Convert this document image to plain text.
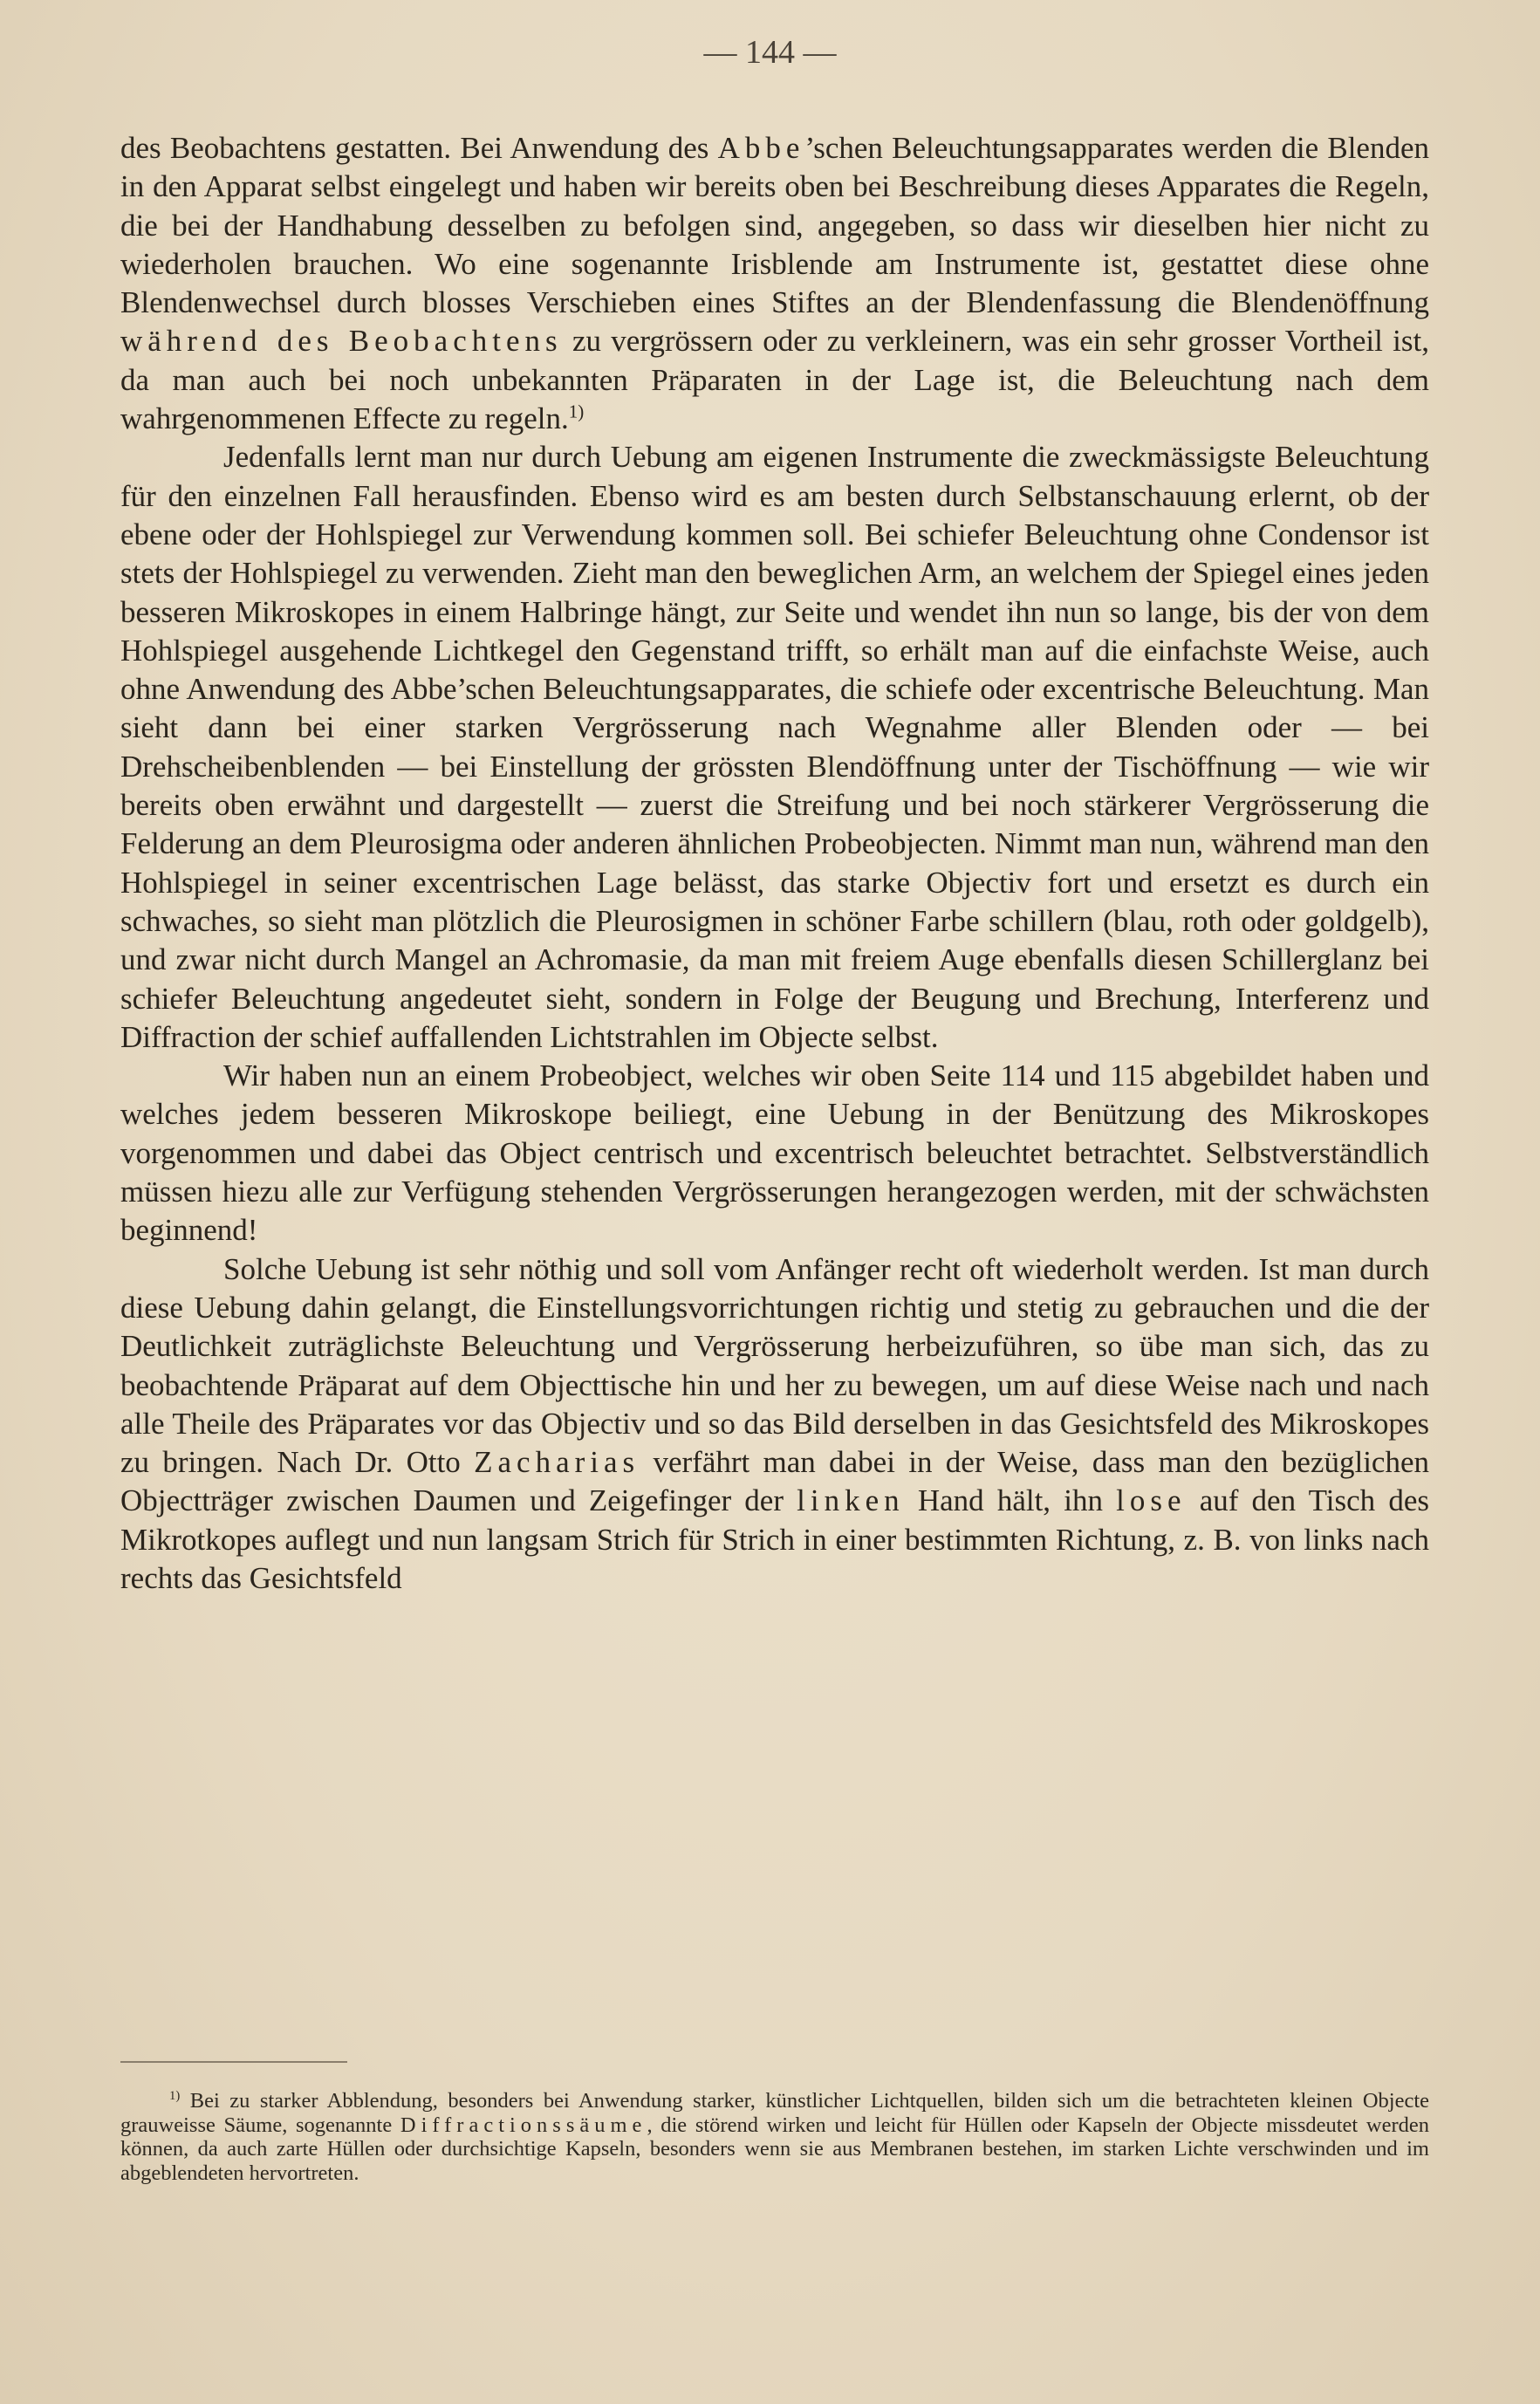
— 144 —

des Beobachtens gestatten. Bei Anwendung des Abbe’schen Beleuchtungsapparates werden die Blenden in den Apparat selbst eingelegt und haben wir bereits oben bei Beschreibung dieses Apparates die Regeln, die bei der Handhabung desselben zu befolgen sind, angegeben, so dass wir dieselben hier nicht zu wiederholen brauchen. Wo eine sogenannte Irisblende am Instrumente ist, gestattet diese ohne Blendenwechsel durch blosses Verschieben eines Stiftes an der Blendenfassung die Blendenöffnung während des Beobachtens zu vergrössern oder zu verkleinern, was ein sehr grosser Vortheil ist, da man auch bei noch unbekannten Präparaten in der Lage ist, die Beleuchtung nach dem wahrgenommenen Effecte zu regeln.$^{1)}$

Jedenfalls lernt man nur durch Uebung am eigenen Instrumente die zweckmässigste Beleuchtung für den einzelnen Fall herausfinden. Ebenso wird es am besten durch Selbstanschauung erlernt, ob der ebene oder der Hohlspiegel zur Verwendung kommen soll. Bei schiefer Beleuchtung ohne Condensor ist stets der Hohlspiegel zu verwenden. Zieht man den beweglichen Arm, an welchem der Spiegel eines jeden besseren Mikroskopes in einem Halbringe hängt, zur Seite und wendet ihn nun so lange, bis der von dem Hohlspiegel ausgehende Lichtkegel den Gegenstand trifft, so erhält man auf die einfachste Weise, auch ohne Anwendung des Abbe’schen Beleuchtungsapparates, die schiefe oder excentrische Beleuchtung. Man sieht dann bei einer starken Vergrösserung nach Wegnahme aller Blenden oder — bei Drehscheibenblenden — bei Einstellung der grössten Blendöffnung unter der Tischöffnung — wie wir bereits oben erwähnt und dargestellt — zuerst die Streifung und bei noch stärkerer Vergrösserung die Felderung an dem Pleurosigma oder anderen ähnlichen Probeobjecten. Nimmt man nun, während man den Hohlspiegel in seiner excentrischen Lage belässt, das starke Objectiv fort und ersetzt es durch ein schwaches, so sieht man plötzlich die Pleurosigmen in schöner Farbe schillern (blau, roth oder goldgelb), und zwar nicht durch Mangel an Achromasie, da man mit freiem Auge ebenfalls diesen Schillerglanz bei schiefer Beleuchtung angedeutet sieht, sondern in Folge der Beugung und Brechung, Interferenz und Diffraction der schief auffallenden Lichtstrahlen im Objecte selbst.

Wir haben nun an einem Probeobject, welches wir oben Seite 114 und 115 abgebildet haben und welches jedem besseren Mikroskope beiliegt, eine Uebung in der Benützung des Mikroskopes vorgenommen und dabei das Object centrisch und excentrisch beleuchtet betrachtet. Selbstverständlich müssen hiezu alle zur Verfügung stehenden Vergrösserungen herangezogen werden, mit der schwächsten beginnend!

Solche Uebung ist sehr nöthig und soll vom Anfänger recht oft wiederholt werden. Ist man durch diese Uebung dahin gelangt, die Einstellungsvorrichtungen richtig und stetig zu gebrauchen und die der Deutlichkeit zuträglichste Beleuchtung und Vergrösserung herbeizuführen, so übe man sich, das zu beobachtende Präparat auf dem Objecttische hin und her zu bewegen, um auf diese Weise nach und nach alle Theile des Präparates vor das Objectiv und so das Bild derselben in das Gesichtsfeld des Mikroskopes zu bringen. Nach Dr. Otto Zacharias verfährt man dabei in der Weise, dass man den bezüglichen Objectträger zwischen Daumen und Zeigefinger der linken Hand hält, ihn lose auf den Tisch des Mikrotkopes auflegt und nun langsam Strich für Strich in einer bestimmten Richtung, z. B. von links nach rechts das Gesichtsfeld

$^{1)}$ Bei zu starker Abblendung, besonders bei Anwendung starker, künstlicher Lichtquellen, bilden sich um die betrachteten kleinen Objecte grauweisse Säume, sogenannte Diffractionssäume, die störend wirken und leicht für Hüllen oder Kapseln der Objecte missdeutet werden können, da auch zarte Hüllen oder durchsichtige Kapseln, besonders wenn sie aus Membranen bestehen, im starken Lichte verschwinden und im abgeblendeten hervortreten.
